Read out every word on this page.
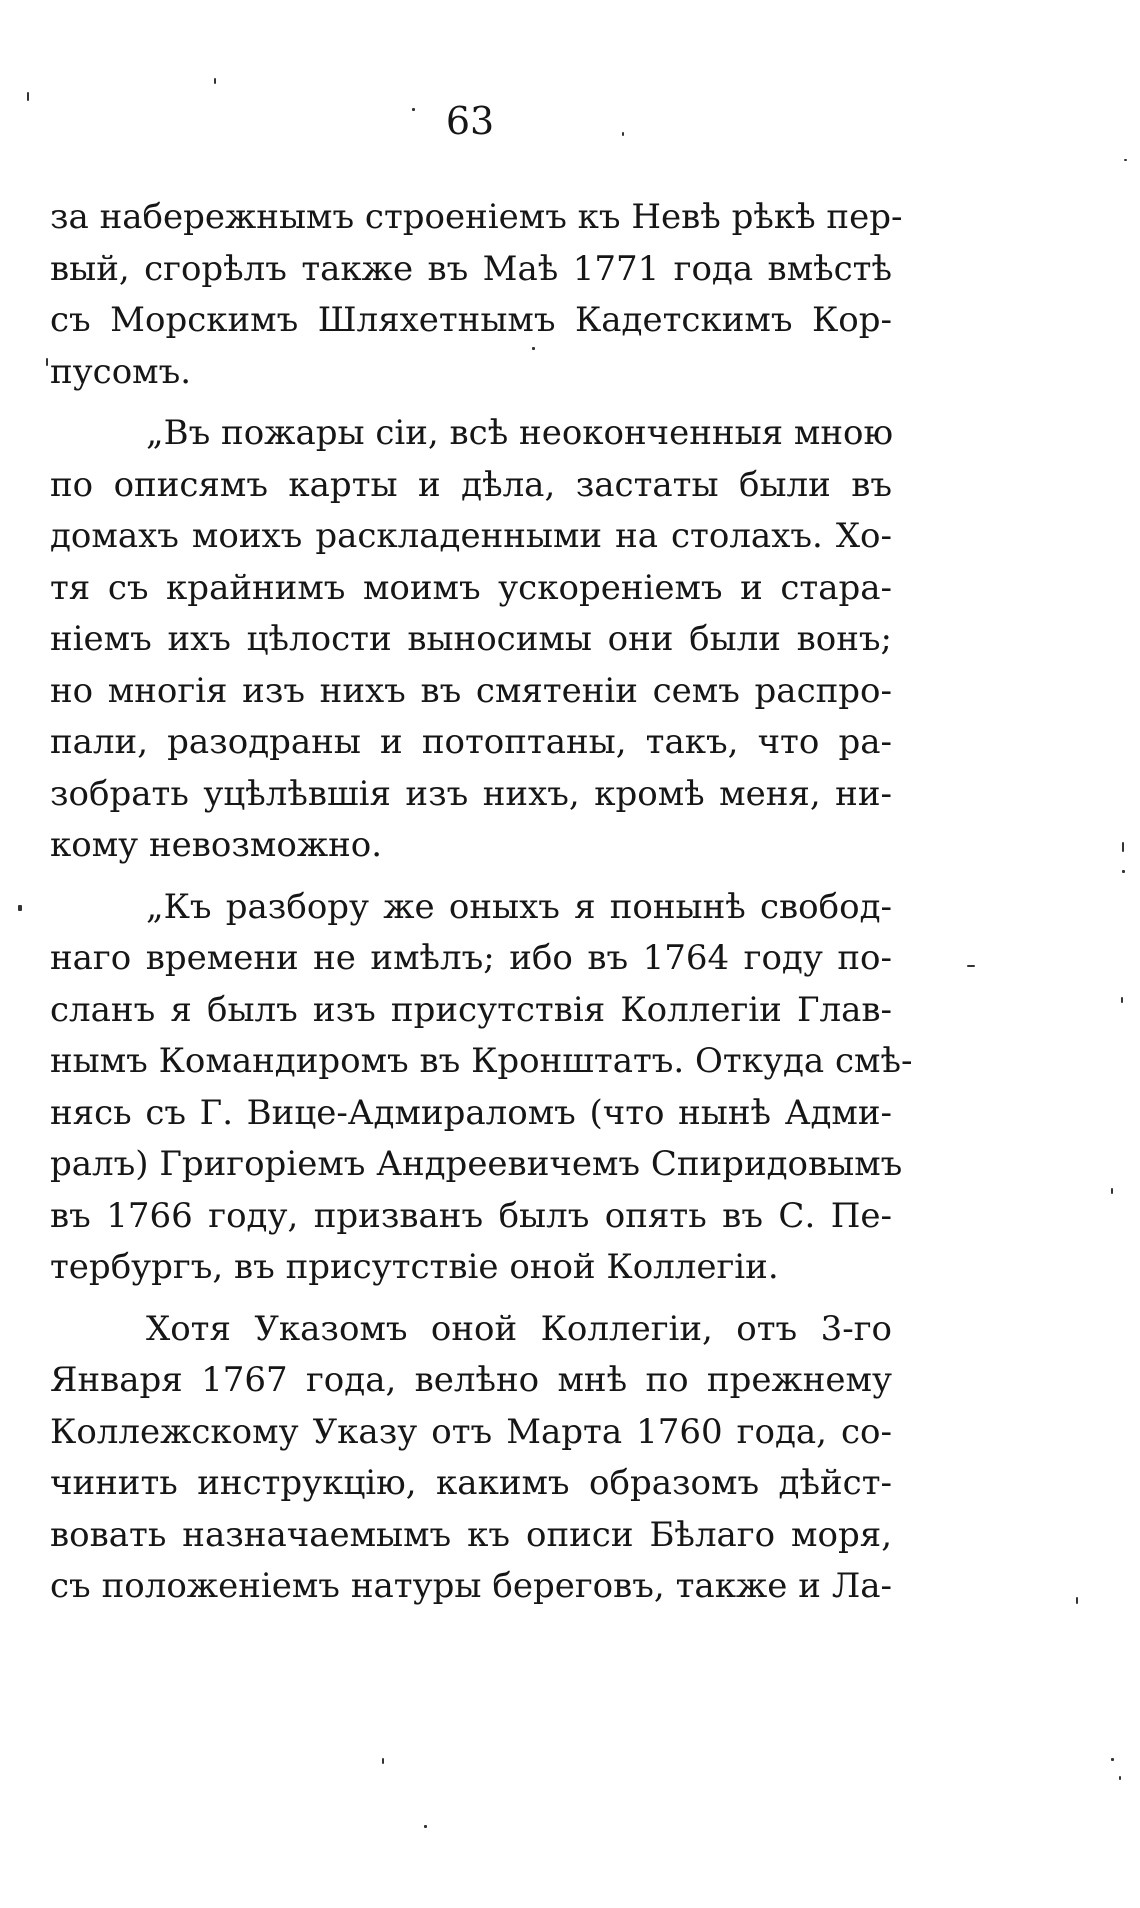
63

за набережнымъ строеніемъ къ Невѣ рѣкѣ пер-
вый, сгорѣлъ также въ Маѣ 1771 года вмѣстѣ
съ Морскимъ Шляхетнымъ Кадетскимъ Кор-
пусомъ.

„Въ пожары сіи, всѣ неоконченныя мною
по описямъ карты и дѣла, застаты были въ
домахъ моихъ раскладенными на столахъ. Хо-
тя съ крайнимъ моимъ ускореніемъ и стара-
ніемъ ихъ цѣлости выносимы они были вонъ;
но многія изъ нихъ въ смятеніи семъ распро-
пали, разодраны и потоптаны, такъ, что ра-
зобрать уцѣлѣвшія изъ нихъ, кромѣ меня, ни-
кому невозможно.

„Къ разбору же оныхъ я понынѣ свобод-
наго времени не имѣлъ; ибо въ 1764 году по-
сланъ я былъ изъ присутствія Коллегіи Глав-
нымъ Командиромъ въ Кронштатъ. Откуда смѣ-
нясь съ Г. Вице-Адмираломъ (что нынѣ Адми-
ралъ) Григоріемъ Андреевичемъ Спиридовымъ
въ 1766 году, призванъ былъ опять въ С. Пе-
тербургъ, въ присутствіе оной Коллегіи.

Хотя Указомъ оной Коллегіи, отъ 3-го
Января 1767 года, велѣно мнѣ по прежнему
Коллежскому Указу отъ Марта 1760 года, со-
чинить инструкцію, какимъ образомъ дѣйст-
вовать назначаемымъ къ описи Бѣлаго моря,
съ положеніемъ натуры береговъ, также и Ла-
